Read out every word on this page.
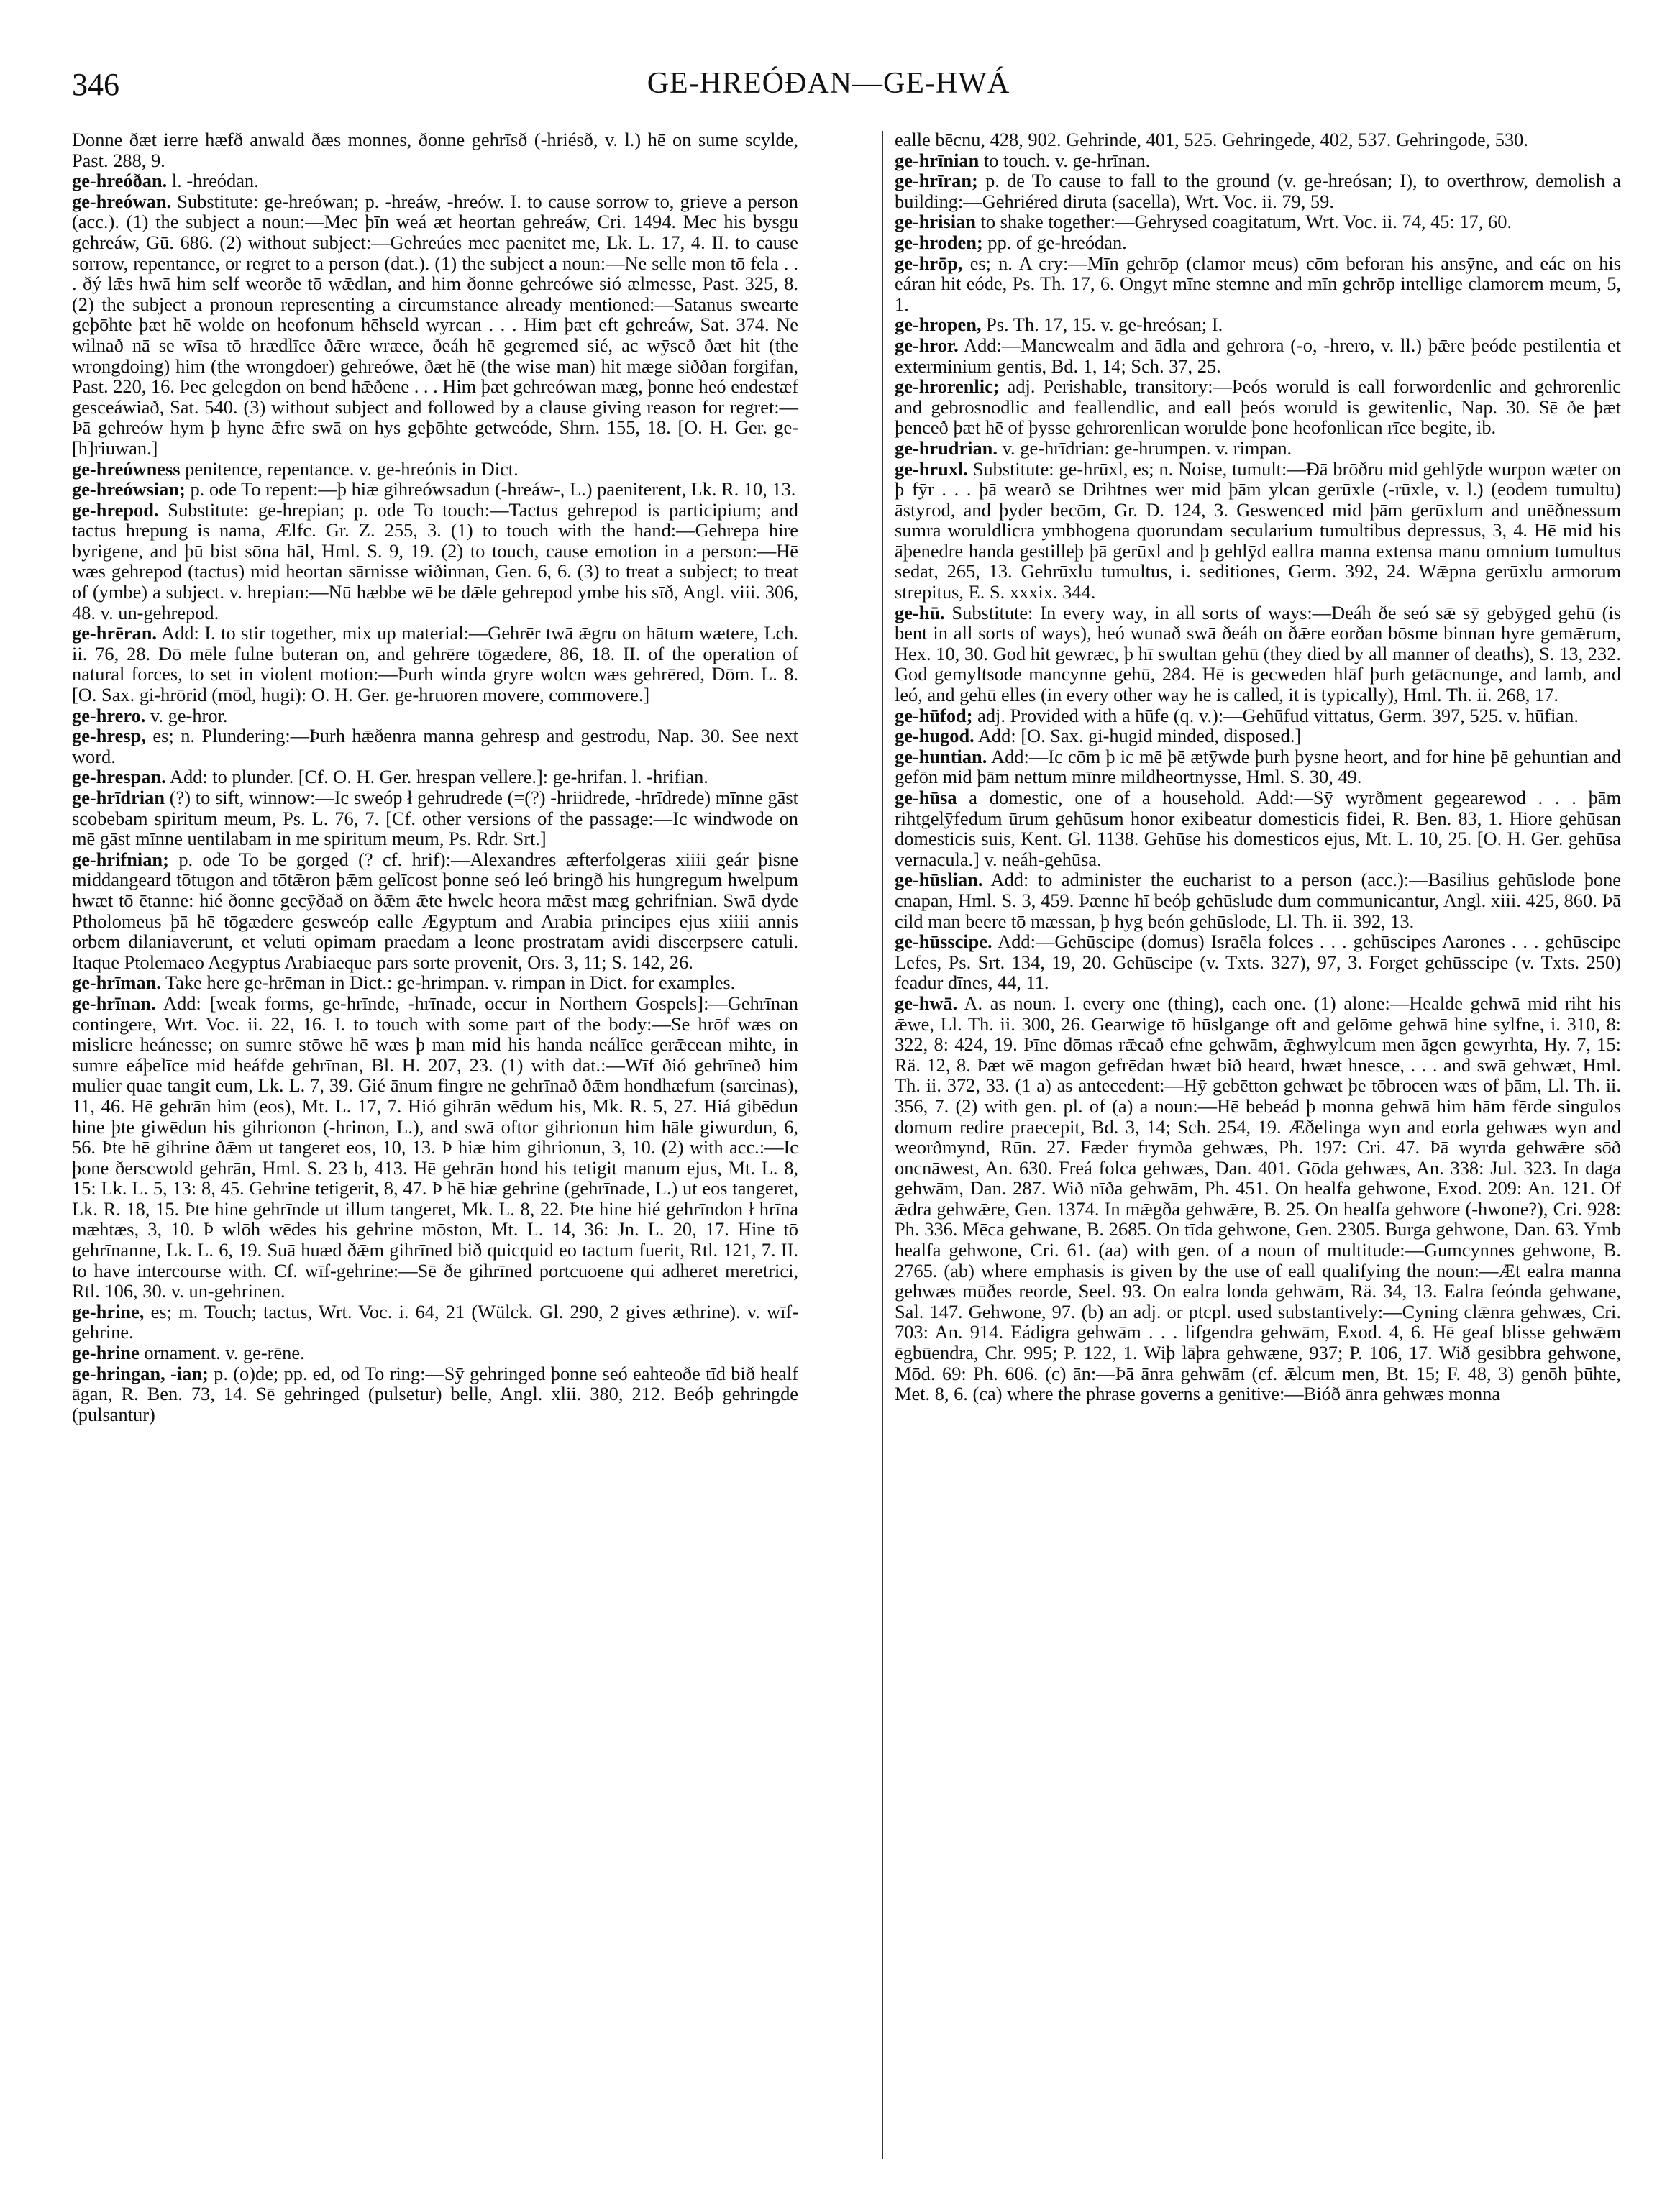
346	GE-HREÓÐAN—GE-HWÁ

Ðonne ðæt ierre hæfð anwald ðæs monnes, ðonne gehrīsð (-hriésð, v. l.) hē on sume scylde, Past. 288, 9.

ge-hreóðan. l. -hreódan.

ge-hreówan. Substitute: ge-hreówan; p. -hreáw, -hreów. I. to cause sorrow to, grieve a person (acc.). (1) the subject a noun:—Mec þīn weá æt heortan gehreáw, Cri. 1494. Mec his bysgu gehreáw, Gū. 686. (2) without subject:—Gehreúes mec paenitet me, Lk. L. 17, 4. II. to cause sorrow, repentance, or regret to a person (dat.). (1) the subject a noun:—Ne selle mon tō fela . . . ðý lǣs hwā him self weorðe tō wǣdlan, and him ðonne gehreówe sió ælmesse, Past. 325, 8. (2) the subject a pronoun representing a circumstance already mentioned:—Satanus swearte geþōhte þæt hē wolde on heofonum hēhseld wyrcan . . . Him þæt eft gehreáw, Sat. 374. Ne wilnað nā se wīsa tō hrædlīce ðǣre wræce, ðeáh hē gegremed sié, ac wȳscð ðæt hit (the wrongdoing) him (the wrongdoer) gehreówe, ðæt hē (the wise man) hit mæge siððan forgifan, Past. 220, 16. Þec gelegdon on bend hǣðene . . . Him þæt gehreówan mæg, þonne heó endestæf gesceáwiað, Sat. 540. (3) without subject and followed by a clause giving reason for regret:—Þā gehreów hym þ hyne ǣfre swā on hys geþōhte getweóde, Shrn. 155, 18. [O. H. Ger. ge-[h]riuwan.]

ge-hreówness penitence, repentance. v. ge-hreónis in Dict.

ge-hreówsian; p. ode To repent:—þ hiæ gihreówsadun (-hreáw-, L.) paeniterent, Lk. R. 10, 13.

ge-hrepod. Substitute: ge-hrepian; p. ode To touch:—Tactus gehrepod is participium; and tactus hrepung is nama, Ælfc. Gr. Z. 255, 3. (1) to touch with the hand:—Gehrepa hire byrigene, and þū bist sōna hāl, Hml. S. 9, 19. (2) to touch, cause emotion in a person:—Hē wæs gehrepod (tactus) mid heortan sārnisse wiðinnan, Gen. 6, 6. (3) to treat a subject; to treat of (ymbe) a subject. v. hrepian:—Nū hæbbe wē be dǣle gehrepod ymbe his sīð, Angl. viii. 306, 48. v. un-gehrepod.

ge-hrēran. Add: I. to stir together, mix up material:—Gehrēr twā ǣgru on hātum wætere, Lch. ii. 76, 28. Dō mēle fulne buteran on, and gehrēre tōgædere, 86, 18. II. of the operation of natural forces, to set in violent motion:—Þurh winda gryre wolcn wæs gehrēred, Dōm. L. 8. [O. Sax. gi-hrōrid (mōd, hugi): O. H. Ger. ge-hruoren movere, commovere.]

ge-hrero. v. ge-hror.

ge-hresp, es; n. Plundering:—Þurh hǣðenra manna gehresp and gestrodu, Nap. 30. See next word.

ge-hrespan. Add: to plunder. [Cf. O. H. Ger. hrespan vellere.]: ge-hrifan. l. -hrifian.

ge-hrīdrian (?) to sift, winnow:—Ic sweóp ł gehrudrede (=(?) -hriidrede, -hrīdrede) mīnne gāst scobebam spiritum meum, Ps. L. 76, 7. [Cf. other versions of the passage:—Ic windwode on mē gāst mīnne uentilabam in me spiritum meum, Ps. Rdr. Srt.]

ge-hrifnian; p. ode To be gorged (? cf. hrif):—Alexandres æfterfolgeras xiiii geár þisne middangeard tōtugon and tōtǣron þǣm gelīcost þonne seó leó bringð his hungregum hwelpum hwæt tō ētanne: hié ðonne gecȳðað on ðǣm ǣte hwelc heora mǣst mæg gehrifnian. Swā dyde Ptholomeus þā hē tōgædere gesweóp ealle Ægyptum and Arabia principes ejus xiiii annis orbem dilaniaverunt, et veluti opimam praedam a leone prostratam avidi discerpsere catuli. Itaque Ptolemaeo Aegyptus Arabiaeque pars sorte provenit, Ors. 3, 11; S. 142, 26.

ge-hrīman. Take here ge-hrēman in Dict.: ge-hrimpan. v. rimpan in Dict. for examples.

ge-hrīnan. Add: [weak forms, ge-hrīnde, -hrīnade, occur in Northern Gospels]:—Gehrīnan contingere, Wrt. Voc. ii. 22, 16. I. to touch with some part of the body:—Se hrōf wæs on mislicre heánesse; on sumre stōwe hē wæs þ man mid his handa neálīce gerǣcean mihte, in sumre eáþelīce mid heáfde gehrīnan, Bl. H. 207, 23. (1) with dat.:—Wīf ðió gehrīneð him mulier quae tangit eum, Lk. L. 7, 39. Gié ānum fingre ne gehrīnað ðǣm hondhæfum (sarcinas), 11, 46. Hē gehrān him (eos), Mt. L. 17, 7. Hió gihrān wēdum his, Mk. R. 5, 27. Hiá gibēdun hine þte giwēdun his gihrionon (-hrinon, L.), and swā oftor gihrionun him hāle giwurdun, 6, 56. Þte hē gihrine ðǣm ut tangeret eos, 10, 13. Þ hiæ him gihrionun, 3, 10. (2) with acc.:—Ic þone ðerscwold gehrān, Hml. S. 23 b, 413. Hē gehrān hond his tetigit manum ejus, Mt. L. 8, 15: Lk. L. 5, 13: 8, 45. Gehrine tetigerit, 8, 47. Þ hē hiæ gehrine (gehrīnade, L.) ut eos tangeret, Lk. R. 18, 15. Þte hine gehrīnde ut illum tangeret, Mk. L. 8, 22. Þte hine hié gehrīndon ł hrīna mæhtæs, 3, 10. Þ wlōh wēdes his gehrine mōston, Mt. L. 14, 36: Jn. L. 20, 17. Hine tō gehrīnanne, Lk. L. 6, 19. Suā huæd ðǣm gihrīned bið quicquid eo tactum fuerit, Rtl. 121, 7. II. to have intercourse with. Cf. wīf-gehrine:—Sē ðe gihrīned portcuoene qui adheret meretrici, Rtl. 106, 30. v. un-gehrinen.

ge-hrine, es; m. Touch; tactus, Wrt. Voc. i. 64, 21 (Wülck. Gl. 290, 2 gives æthrine). v. wīf-gehrine.

ge-hrine ornament. v. ge-rēne.

ge-hringan, -ian; p. (o)de; pp. ed, od To ring:—Sȳ gehringed þonne seó eahteoðe tīd bið healf āgan, R. Ben. 73, 14. Sē gehringed (pulsetur) belle, Angl. xlii. 380, 212. Beóþ gehringde (pulsantur)

ealle bēcnu, 428, 902. Gehrinde, 401, 525. Gehringede, 402, 537. Gehringode, 530.

ge-hrīnian to touch. v. ge-hrīnan.

ge-hrīran; p. de To cause to fall to the ground (v. ge-hreósan; I), to overthrow, demolish a building:—Gehriéred diruta (sacella), Wrt. Voc. ii. 79, 59.

ge-hrisian to shake together:—Gehrysed coagitatum, Wrt. Voc. ii. 74, 45: 17, 60.

ge-hroden; pp. of ge-hreódan.

ge-hrōp, es; n. A cry:—Mīn gehrōp (clamor meus) cōm beforan his ansȳne, and eác on his eáran hit eóde, Ps. Th. 17, 6. Ongyt mīne stemne and mīn gehrōp intellige clamorem meum, 5, 1.

ge-hropen, Ps. Th. 17, 15. v. ge-hreósan; I.

ge-hror. Add:—Mancwealm and ādla and gehrora (-o, -hrero, v. ll.) þǣre þeóde pestilentia et exterminium gentis, Bd. 1, 14; Sch. 37, 25.

ge-hrorenlic; adj. Perishable, transitory:—Þeós woruld is eall forwordenlic and gehrorenlic and gebrosnodlic and feallendlic, and eall þeós woruld is gewitenlic, Nap. 30. Sē ðe þæt þenceð þæt hē of þysse gehrorenlican worulde þone heofonlican rīce begite, ib.

ge-hrudrian. v. ge-hrīdrian: ge-hrumpen. v. rimpan.

ge-hruxl. Substitute: ge-hrūxl, es; n. Noise, tumult:—Ðā brōðru mid gehlȳde wurpon wæter on þ fȳr . . . þā wearð se Drihtnes wer mid þām ylcan gerūxle (-rūxle, v. l.) (eodem tumultu) āstyrod, and þyder becōm, Gr. D. 124, 3. Geswenced mid þām gerūxlum and unēðnessum sumra woruldlicra ymbhogena quorundam secularium tumultibus depressus, 3, 4. Hē mid his āþenedre handa gestilleþ þā gerūxl and þ gehlȳd eallra manna extensa manu omnium tumultus sedat, 265, 13. Gehrūxlu tumultus, i. seditiones, Germ. 392, 24. Wǣpna gerūxlu armorum strepitus, E. S. xxxix. 344.

ge-hū. Substitute: In every way, in all sorts of ways:—Ðeáh ðe seó sǣ sȳ gebȳged gehū (is bent in all sorts of ways), heó wunað swā ðeáh on ðǣre eorðan bōsme binnan hyre gemǣrum, Hex. 10, 30. God hit gewræc, þ hī swultan gehū (they died by all manner of deaths), S. 13, 232. God gemyltsode mancynne gehū, 284. Hē is gecweden hlāf þurh getācnunge, and lamb, and leó, and gehū elles (in every other way he is called, it is typically), Hml. Th. ii. 268, 17.

ge-hūfod; adj. Provided with a hūfe (q. v.):—Gehūfud vittatus, Germ. 397, 525. v. hūfian.

ge-hugod. Add: [O. Sax. gi-hugid minded, disposed.]

ge-huntian. Add:—Ic cōm þ ic mē þē ætȳwde þurh þysne heort, and for hine þē gehuntian and gefōn mid þām nettum mīnre mildheortnysse, Hml. S. 30, 49.

ge-hūsa a domestic, one of a household. Add:—Sȳ wyrðment gegearewod . . . þām rihtgelȳfedum ūrum gehūsum honor exibeatur domesticis fidei, R. Ben. 83, 1. Hiore gehūsan domesticis suis, Kent. Gl. 1138. Gehūse his domesticos ejus, Mt. L. 10, 25. [O. H. Ger. gehūsa vernacula.] v. neáh-gehūsa.

ge-hūslian. Add: to administer the eucharist to a person (acc.):—Basilius gehūslode þone cnapan, Hml. S. 3, 459. Þænne hī beóþ gehūslude dum communicantur, Angl. xiii. 425, 860. Þā cild man beere tō mæssan, þ hyg beón gehūslode, Ll. Th. ii. 392, 13.

ge-hūsscipe. Add:—Gehūscipe (domus) Israēla folces . . . gehūscipes Aarones . . . gehūscipe Lefes, Ps. Srt. 134, 19, 20. Gehūscipe (v. Txts. 327), 97, 3. Forget gehūsscipe (v. Txts. 250) feadur dīnes, 44, 11.

ge-hwā. A. as noun. I. every one (thing), each one. (1) alone:—Healde gehwā mid riht his ǣwe, Ll. Th. ii. 300, 26. Gearwige tō hūslgange oft and gelōme gehwā hine sylfne, i. 310, 8: 322, 8: 424, 19. Þīne dōmas rǣcað efne gehwām, ǣghwylcum men āgen gewyrhta, Hy. 7, 15: Rä. 12, 8. Þæt wē magon gefrēdan hwæt bið heard, hwæt hnesce, . . . and swā gehwæt, Hml. Th. ii. 372, 33. (1 a) as antecedent:—Hȳ gebētton gehwæt þe tōbrocen wæs of þām, Ll. Th. ii. 356, 7. (2) with gen. pl. of (a) a noun:—Hē bebeád þ monna gehwā him hām fērde singulos domum redire praecepit, Bd. 3, 14; Sch. 254, 19. Æðelinga wyn and eorla gehwæs wyn and weorðmynd, Rūn. 27. Fæder frymða gehwæs, Ph. 197: Cri. 47. Þā wyrda gehwǣre sōð oncnāwest, An. 630. Freá folca gehwæs, Dan. 401. Gōda gehwæs, An. 338: Jul. 323. In daga gehwām, Dan. 287. Wið nīða gehwām, Ph. 451. On healfa gehwone, Exod. 209: An. 121. Of ǣdra gehwǣre, Gen. 1374. In mǣgða gehwǣre, B. 25. On healfa gehwore (-hwone?), Cri. 928: Ph. 336. Mēca gehwane, B. 2685. On tīda gehwone, Gen. 2305. Burga gehwone, Dan. 63. Ymb healfa gehwone, Cri. 61. (aa) with gen. of a noun of multitude:—Gumcynnes gehwone, B. 2765. (ab) where emphasis is given by the use of eall qualifying the noun:—Æt ealra manna gehwæs mūðes reorde, Seel. 93. On ealra londa gehwām, Rä. 34, 13. Ealra feónda gehwane, Sal. 147. Gehwone, 97. (b) an adj. or ptcpl. used substantively:—Cyning clǣnra gehwæs, Cri. 703: An. 914. Eádigra gehwām . . . lifgendra gehwām, Exod. 4, 6. Hē geaf blisse gehwǣm ēgbūendra, Chr. 995; P. 122, 1. Wiþ lāþra gehwæne, 937; P. 106, 17. Wið gesibbra gehwone, Mōd. 69: Ph. 606. (c) ān:—Þā ānra gehwām (cf. ǣlcum men, Bt. 15; F. 48, 3) genōh þūhte, Met. 8, 6. (ca) where the phrase governs a genitive:—Bióð ānra gehwæs monna
